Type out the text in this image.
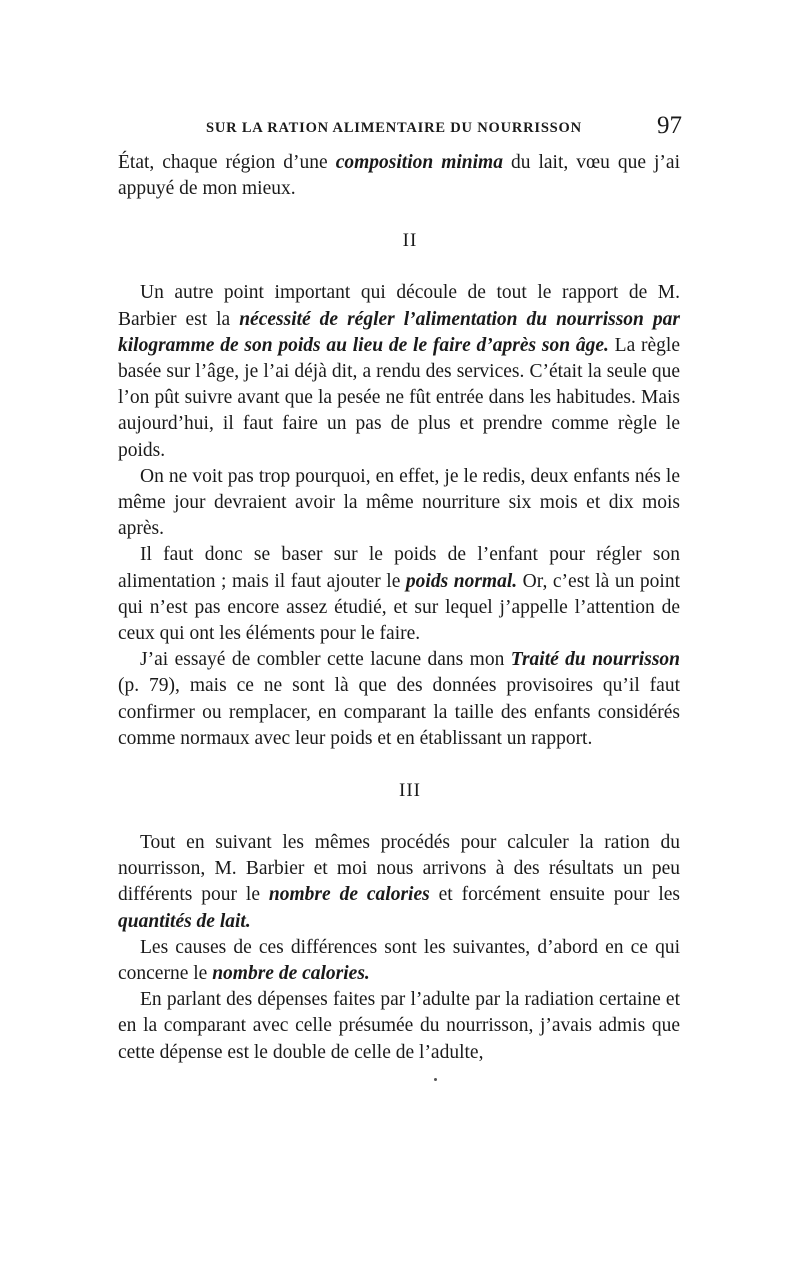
SUR LA RATION ALIMENTAIRE DU NOURRISSON	97

État, chaque région d’une composition minima du lait, vœu que j’ai appuyé de mon mieux.

II

Un autre point important qui découle de tout le rapport de M. Barbier est la nécessité de régler l’alimentation du nourrisson par kilogramme de son poids au lieu de le faire d’après son âge. La règle basée sur l’âge, je l’ai déjà dit, a rendu des services. C’était la seule que l’on pût suivre avant que la pesée ne fût entrée dans les habitudes. Mais aujourd’hui, il faut faire un pas de plus et prendre comme règle le poids.

On ne voit pas trop pourquoi, en effet, je le redis, deux enfants nés le même jour devraient avoir la même nourriture six mois et dix mois après.

Il faut donc se baser sur le poids de l’enfant pour régler son alimentation ; mais il faut ajouter le poids normal. Or, c’est là un point qui n’est pas encore assez étudié, et sur lequel j’appelle l’attention de ceux qui ont les éléments pour le faire.

J’ai essayé de combler cette lacune dans mon Traité du nourrisson (p. 79), mais ce ne sont là que des données provisoires qu’il faut confirmer ou remplacer, en comparant la taille des enfants considérés comme normaux avec leur poids et en établissant un rapport.

III

Tout en suivant les mêmes procédés pour calculer la ration du nourrisson, M. Barbier et moi nous arrivons à des résultats un peu différents pour le nombre de calories et forcément ensuite pour les quantités de lait.

Les causes de ces différences sont les suivantes, d’abord en ce qui concerne le nombre de calories.

En parlant des dépenses faites par l’adulte par la radiation certaine et en la comparant avec celle présumée du nourrisson, j’avais admis que cette dépense est le double de celle de l’adulte,
